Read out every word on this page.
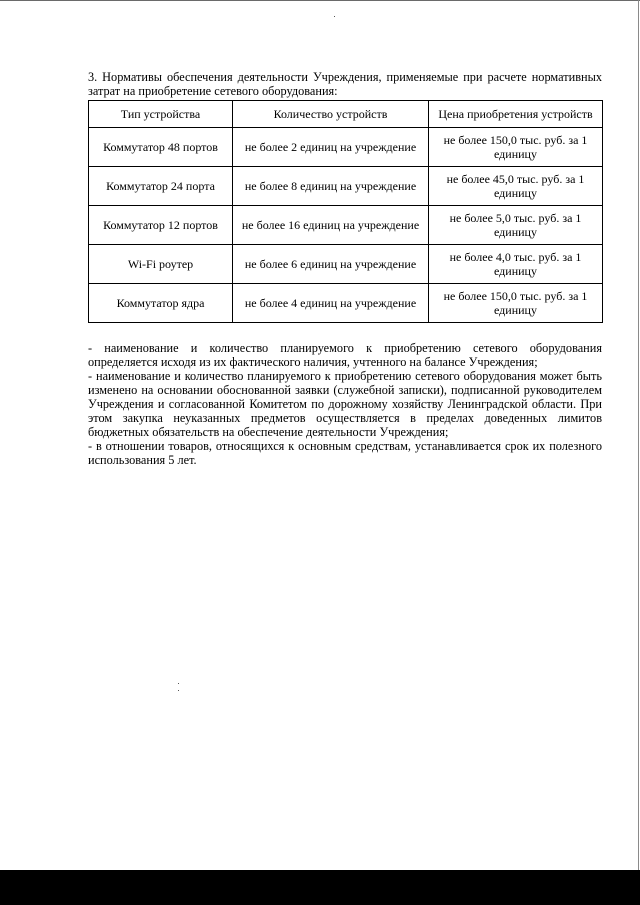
3. Нормативы обеспечения деятельности Учреждения, применяемые при расчете нормативных затрат на приобретение сетевого оборудования:

Тип устройства	Количество устройств	Цена приобретения устройств
Коммутатор 48 портов	не более 2 единиц на учреждение	не более 150,0 тыс. руб. за 1 единицу
Коммутатор 24 порта	не более 8 единиц на учреждение	не более 45,0 тыс. руб. за 1 единицу
Коммутатор 12 портов	не более 16 единиц на учреждение	не более 5,0 тыс. руб. за 1 единицу
Wi-Fi роутер	не более 6 единиц на учреждение	не более 4,0 тыс. руб. за 1 единицу
Коммутатор ядра	не более 4 единиц на учреждение	не более 150,0 тыс. руб. за 1 единицу

- наименование и количество планируемого к приобретению сетевого оборудования определяется исходя из их фактического наличия, учтенного на балансе Учреждения;

- наименование и количество планируемого к приобретению сетевого оборудования может быть изменено на основании обоснованной заявки (служебной записки), подписанной руководителем Учреждения и согласованной Комитетом по дорожному хозяйству Ленинградской области. При этом закупка неуказанных предметов осуществляется в пределах доведенных лимитов бюджетных обязательств на обеспечение деятельности Учреждения;

- в отношении товаров, относящихся к основным средствам, устанавливается срок их полезного использования 5 лет.
